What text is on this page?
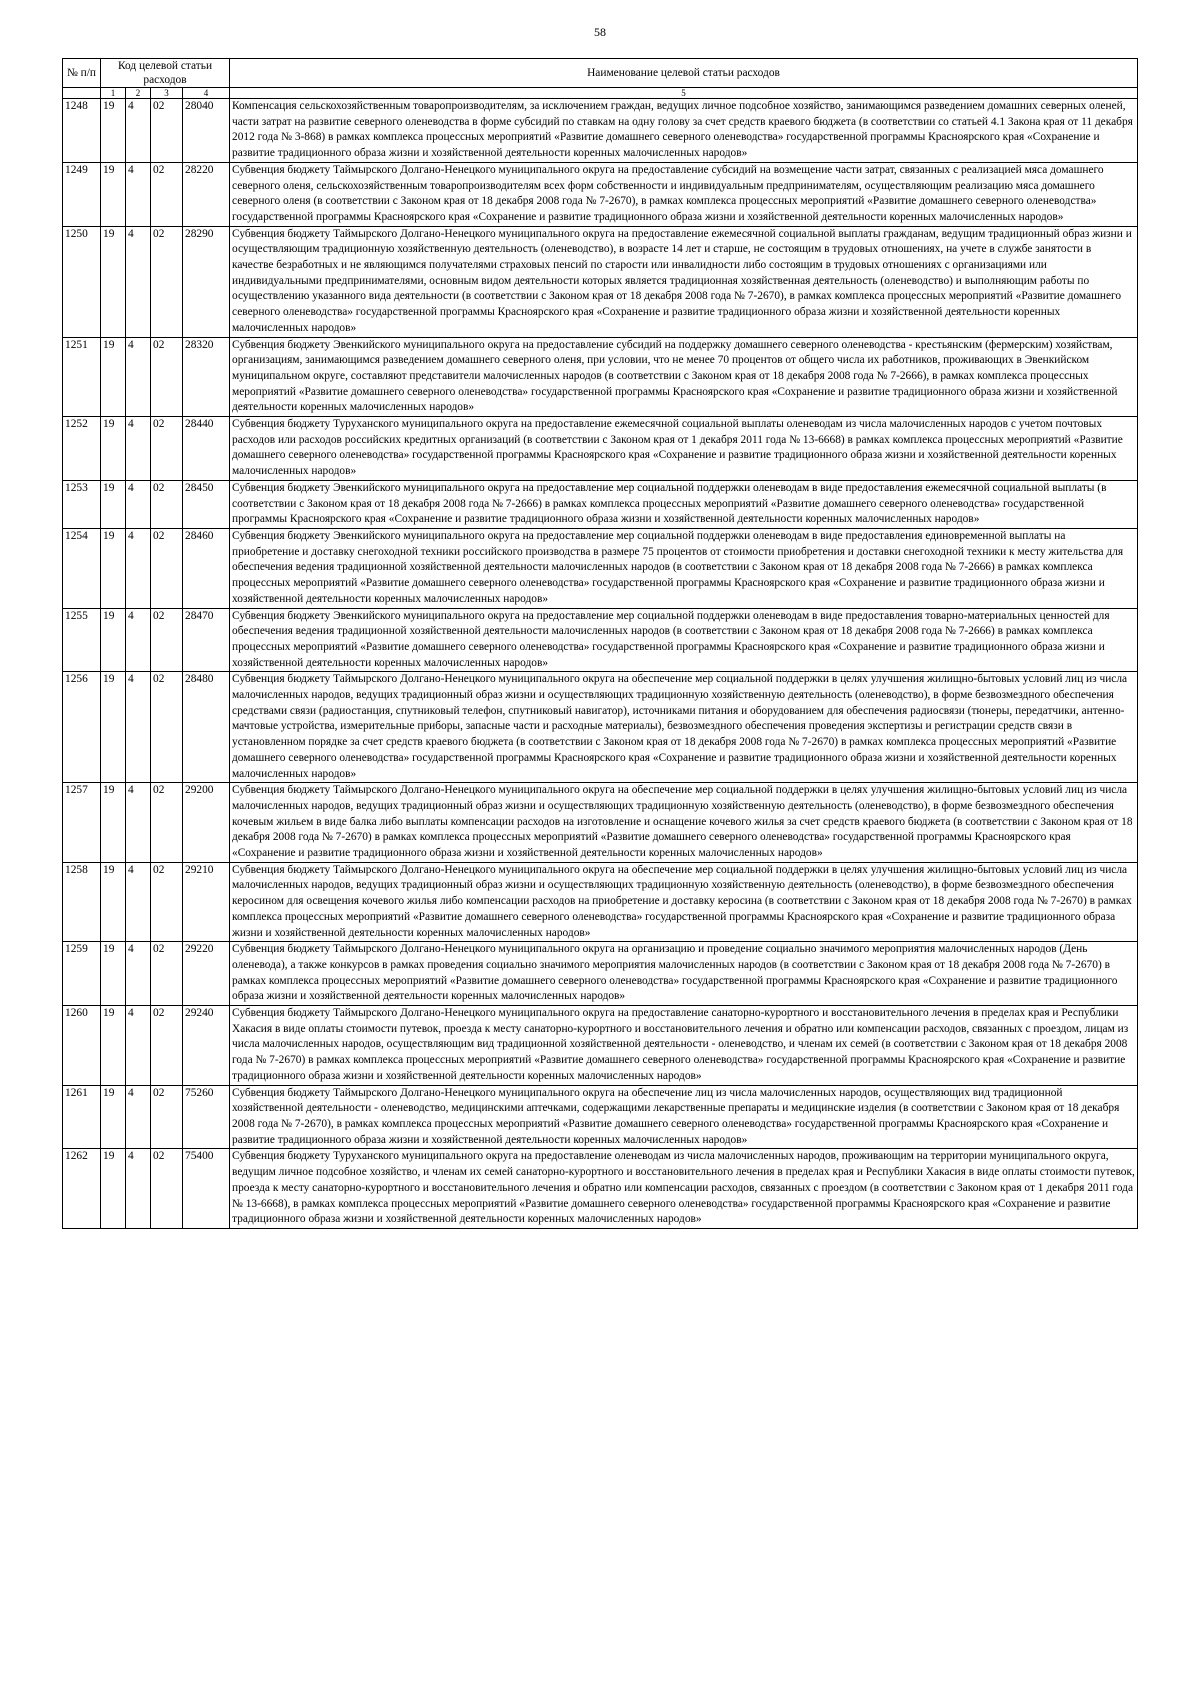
58
№ п/п	Код целевой статьи расходов				Наименование целевой статьи расходов
	1	2	3	4	5
1248	19	4	02	28040	Компенсация сельскохозяйственным товаропроизводителям, за исключением граждан, ведущих личное подсобное хозяйство, занимающимся разведением домашних северных оленей, части затрат на развитие северного оленеводства в форме субсидий по ставкам на одну голову за счет средств краевого бюджета (в соответствии со статьей 4.1 Закона края от 11 декабря 2012 года № 3-868) в рамках комплекса процессных мероприятий «Развитие домашнего северного оленеводства» государственной программы Красноярского края «Сохранение и развитие традиционного образа жизни и хозяйственной деятельности коренных малочисленных народов»
1249	19	4	02	28220	Субвенция бюджету Таймырского Долгано-Ненецкого муниципального округа на предоставление субсидий на возмещение части затрат, связанных с реализацией мяса домашнего северного оленя, сельскохозяйственным товаропроизводителям всех форм собственности и индивидуальным предпринимателям, осуществляющим реализацию мяса домашнего северного оленя (в соответствии с Законом края от 18 декабря 2008 года № 7-2670), в рамках комплекса процессных мероприятий «Развитие домашнего северного оленеводства» государственной программы Красноярского края «Сохранение и развитие традиционного образа жизни и хозяйственной деятельности коренных малочисленных народов»
1250	19	4	02	28290	Субвенция бюджету Таймырского Долгано-Ненецкого муниципального округа на предоставление ежемесячной социальной выплаты гражданам, ведущим традиционный образ жизни и осуществляющим традиционную хозяйственную деятельность (оленеводство), в возрасте 14 лет и старше, не состоящим в трудовых отношениях, на учете в службе занятости в качестве безработных и не являющимся получателями страховых пенсий по старости или инвалидности либо состоящим в трудовых отношениях с организациями или индивидуальными предпринимателями, основным видом деятельности которых является традиционная хозяйственная деятельность (оленеводство) и выполняющим работы по осуществлению указанного вида деятельности (в соответствии с Законом края от 18 декабря 2008 года № 7-2670), в рамках комплекса процессных мероприятий «Развитие домашнего северного оленеводства» государственной программы Красноярского края «Сохранение и развитие традиционного образа жизни и хозяйственной деятельности коренных малочисленных народов»
1251	19	4	02	28320	Субвенция бюджету Эвенкийского муниципального округа на предоставление субсидий на поддержку домашнего северного оленеводства - крестьянским (фермерским) хозяйствам, организациям, занимающимся разведением домашнего северного оленя, при условии, что не менее 70 процентов от общего числа их работников, проживающих в Эвенкийском муниципальном округе, составляют представители малочисленных народов (в соответствии с Законом края от 18 декабря 2008 года № 7-2666), в рамках комплекса процессных мероприятий «Развитие домашнего северного оленеводства» государственной программы Красноярского края «Сохранение и развитие традиционного образа жизни и хозяйственной деятельности коренных малочисленных народов»
1252	19	4	02	28440	Субвенция бюджету Туруханского муниципального округа на предоставление ежемесячной социальной выплаты оленеводам из числа малочисленных народов с учетом почтовых расходов или расходов российских кредитных организаций (в соответствии с Законом края от 1 декабря 2011 года № 13-6668) в рамках комплекса процессных мероприятий «Развитие домашнего северного оленеводства» государственной программы Красноярского края «Сохранение и развитие традиционного образа жизни и хозяйственной деятельности коренных малочисленных народов»
1253	19	4	02	28450	Субвенция бюджету Эвенкийского муниципального округа на предоставление мер социальной поддержки оленеводам в виде предоставления ежемесячной социальной выплаты (в соответствии с Законом края от 18 декабря 2008 года № 7-2666) в рамках комплекса процессных мероприятий «Развитие домашнего северного оленеводства» государственной программы Красноярского края «Сохранение и развитие традиционного образа жизни и хозяйственной деятельности коренных малочисленных народов»
1254	19	4	02	28460	Субвенция бюджету Эвенкийского муниципального округа на предоставление мер социальной поддержки оленеводам в виде предоставления единовременной выплаты на приобретение и доставку снегоходной техники российского производства в размере 75 процентов от стоимости приобретения и доставки снегоходной техники к месту жительства для обеспечения ведения традиционной хозяйственной деятельности малочисленных народов (в соответствии с Законом края от 18 декабря 2008 года № 7-2666) в рамках комплекса процессных мероприятий «Развитие домашнего северного оленеводства» государственной программы Красноярского края «Сохранение и развитие традиционного образа жизни и хозяйственной деятельности коренных малочисленных народов»
1255	19	4	02	28470	Субвенция бюджету Эвенкийского муниципального округа на предоставление мер социальной поддержки оленеводам в виде предоставления товарно-материальных ценностей для обеспечения ведения традиционной хозяйственной деятельности малочисленных народов (в соответствии с Законом края от 18 декабря 2008 года № 7-2666) в рамках комплекса процессных мероприятий «Развитие домашнего северного оленеводства» государственной программы Красноярского края «Сохранение и развитие традиционного образа жизни и хозяйственной деятельности коренных малочисленных народов»
1256	19	4	02	28480	Субвенция бюджету Таймырского Долгано-Ненецкого муниципального округа на обеспечение мер социальной поддержки в целях улучшения жилищно-бытовых условий лиц из числа малочисленных народов, ведущих традиционный образ жизни и осуществляющих традиционную хозяйственную деятельность (оленеводство), в форме безвозмездного обеспечения средствами связи (радиостанция, спутниковый телефон, спутниковый навигатор), источниками питания и оборудованием для обеспечения радиосвязи (тюнеры, передатчики, антенно-мачтовые устройства, измерительные приборы, запасные части и расходные материалы), безвозмездного обеспечения проведения экспертизы и регистрации средств связи в установленном порядке за счет средств краевого бюджета (в соответствии с Законом края от 18 декабря 2008 года № 7-2670) в рамках комплекса процессных мероприятий «Развитие домашнего северного оленеводства» государственной программы Красноярского края «Сохранение и развитие традиционного образа жизни и хозяйственной деятельности коренных малочисленных народов»
1257	19	4	02	29200	Субвенция бюджету Таймырского Долгано-Ненецкого муниципального округа на обеспечение мер социальной поддержки в целях улучшения жилищно-бытовых условий лиц из числа малочисленных народов, ведущих традиционный образ жизни и осуществляющих традиционную хозяйственную деятельность (оленеводство), в форме безвозмездного обеспечения кочевым жильем в виде балка либо выплаты компенсации расходов на изготовление и оснащение кочевого жилья за счет средств краевого бюджета (в соответствии с Законом края от 18 декабря 2008 года № 7-2670) в рамках комплекса процессных мероприятий «Развитие домашнего северного оленеводства» государственной программы Красноярского края «Сохранение и развитие традиционного образа жизни и хозяйственной деятельности коренных малочисленных народов»
1258	19	4	02	29210	Субвенция бюджету Таймырского Долгано-Ненецкого муниципального округа на обеспечение мер социальной поддержки в целях улучшения жилищно-бытовых условий лиц из числа малочисленных народов, ведущих традиционный образ жизни и осуществляющих традиционную хозяйственную деятельность (оленеводство), в форме безвозмездного обеспечения керосином для освещения кочевого жилья либо компенсации расходов на приобретение и доставку керосина (в соответствии с Законом края от 18 декабря 2008 года № 7-2670) в рамках комплекса процессных мероприятий «Развитие домашнего северного оленеводства» государственной программы Красноярского края «Сохранение и развитие традиционного образа жизни и хозяйственной деятельности коренных малочисленных народов»
1259	19	4	02	29220	Субвенция бюджету Таймырского Долгано-Ненецкого муниципального округа на организацию и проведение социально значимого мероприятия малочисленных народов (День оленевода), а также конкурсов в рамках проведения социально значимого мероприятия малочисленных народов (в соответствии с Законом края от 18 декабря 2008 года № 7-2670) в рамках комплекса процессных мероприятий «Развитие домашнего северного оленеводства» государственной программы Красноярского края «Сохранение и развитие традиционного образа жизни и хозяйственной деятельности коренных малочисленных народов»
1260	19	4	02	29240	Субвенция бюджету Таймырского Долгано-Ненецкого муниципального округа на предоставление санаторно-курортного и восстановительного лечения в пределах края и Республики Хакасия в виде оплаты стоимости путевок, проезда к месту санаторно-курортного и восстановительного лечения и обратно или компенсации расходов, связанных с проездом, лицам из числа малочисленных народов, осуществляющим вид традиционной хозяйственной деятельности - оленеводство, и членам их семей (в соответствии с Законом края от 18 декабря 2008 года № 7-2670) в рамках комплекса процессных мероприятий «Развитие домашнего северного оленеводства» государственной программы Красноярского края «Сохранение и развитие традиционного образа жизни и хозяйственной деятельности коренных малочисленных народов»
1261	19	4	02	75260	Субвенция бюджету Таймырского Долгано-Ненецкого муниципального округа на обеспечение лиц из числа малочисленных народов, осуществляющих вид традиционной хозяйственной деятельности - оленеводство, медицинскими аптечками, содержащими лекарственные препараты и медицинские изделия (в соответствии с Законом края от 18 декабря 2008 года № 7-2670), в рамках комплекса процессных мероприятий «Развитие домашнего северного оленеводства» государственной программы Красноярского края «Сохранение и развитие традиционного образа жизни и хозяйственной деятельности коренных малочисленных народов»
1262	19	4	02	75400	Субвенция бюджету Туруханского муниципального округа на предоставление оленеводам из числа малочисленных народов, проживающим на территории муниципального округа, ведущим личное подсобное хозяйство, и членам их семей санаторно-курортного и восстановительного лечения в пределах края и Республики Хакасия в виде оплаты стоимости путевок, проезда к месту санаторно-курортного и восстановительного лечения и обратно или компенсации расходов, связанных с проездом (в соответствии с Законом края от 1 декабря 2011 года № 13-6668), в рамках комплекса процессных мероприятий «Развитие домашнего северного оленеводства» государственной программы Красноярского края «Сохранение и развитие традиционного образа жизни и хозяйственной деятельности коренных малочисленных народов»
